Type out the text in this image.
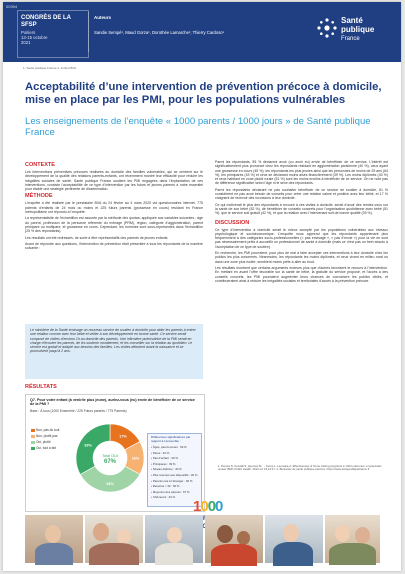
00394
CONGRÈS DE LA SFSP
Poitiers
13-15 octobre
2021
Auteurs
Sandie Sempé¹, Maud Gorza¹, Dorothée Lamarche², Thierry Cardoso¹
Santé
publique
France
1. Santé publique France 2. Institut BVA
Acceptabilité d’une intervention de prévention précoce à domicile, mise en place par les PMI, pour les populations vulnérables
Les enseignements de l’enquête « 1000 parents / 1000 jours » de Santé publique France
CONTEXTE

Les interventions préventives précoces réalisées au domicile des familles vulnérables, qui se centrent sur le développement de la qualité des relations parents-enfants, ont récemment montré leur efficacité pour réduire les inégalités sociales de santé. Santé publique France soutient les PMI engagées dans l’implantation de ces interventions, consiste l’acceptabilité de ce type d’intervention par les futurs et jeunes parents à notre essentiel pour établir une stratégie pertinente de dissémination.

MÉTHODE

L’enquête a été réalisée par le prestataire BVA du 24 février au 4 mars 2020 via questionnaires internet. 775 parents d’enfants de 24 mois ou moins et 225 futurs parents (grossesse en cours) résidant en France métropolitaine ont répondu à l’enquête.

La représentativité de l’échantillon est assurée par la méthode des quotas, appliquée aux variables suivantes : âge du parent, profession de la personne référente du ménage (PRM), région, catégorie d’agglomération, parent primipare ou multipare, et grossesse en cours. Cependant, les hommes sont sous-représentés dans l’échantillon (25 % des répondants).

Les résultats ont été redressés, de sorte à être représentatifs des parents de jeunes enfants.

Avant de répondre aux questions, l’intervention de prévention était présentée à tous les répondants de la manière suivante :

Le ministère de la Santé envisage un nouveau service de soutien à domicile pour aider les parents à entrer une relation comme avec leur bébé et veiller à son développement en bonne santé. Ce service serait composé de visites d’environ 1h au domicile des parents. Une infirmière puéricultrice de la PMI serait en charge d’écouter les parents, de les soutenir moralement, et les conseiller sur la relation au quotidien. Le service est gratuit et adapté aux besoins des familles. Les visites débutent avant la naissance et se poursuivent jusqu’à 2 ans.
RÉSULTATS
Q7. Pour votre enfant (à venir/le plus jeune), auriez-vous (eu) envie de bénéficier de ce service de la PMI ?
Base : À tous (1000 Ensemble / 225 Futurs parents / 775 Parents)
Non, pas du tout
Non, plutôt pas
Oui, plutôt
Oui, tout à fait
17%
16%
34%
33%
Total OUI
67%
Différences significatives par rapport à l’ensemble :
• Âgés, pas-hommes : 69 %
• Pères : 42 %
• Pas d’enfant : 40 %
• Primipares : 39 %
• Niveau diplôme : 40 %
• Plus revenus aux dispositifs : 40 %
• Parents nés à l’étranger : 40 %
• Revenus < 2k : 50 %
• Moyenne des parents : 67 %
• Chômeurs : 44 %

Parmi les répondants, 55 % déclarent avoir (ou avoir eu) envie de bénéficier de ce service. L’intérêt est significativement plus prononcé chez les répondants résidant en agglomération parisienne (40 %), ceux ayant une grossesse en cours (45 %), les répondants les plus jeunes ainsi que les personnes de moins de 25 ans (64 %), les primipares (43 %) et ceux se déclarant moins aisés financièrement (39 %). Les moins diplômés (43 %) et ceux habitant en zone plutôt rurale (51 %) sont les moins enclins à bénéficier de ce service. On ne note pas de différence significative selon l’âge ni le sexe des répondants.

Parmi les répondants déclarant ne pas souhaiter bénéficier de ce service de soutien à domicile, 61 % considèrent ne pas avoir besoin de conseils pour créer une relation calme et positive avec leur bébé, et 17 % craignent de recevoir des incursions à leur domicile.

Ce qui motiverait le plus des répondants à recourir à ces visites à domicile, serait d’avoir des rendez-vous sur la santé de son bébé (52 %), de bénéficier de conseils concrets pour l’organisation quotidienne avec bébé (51 %), que le service soit gratuit (42 %), et que la relation avec l’intervenant soit de bonne qualité (39 %).

DISCUSSION

Ce type d’intervention à domicile serait le mieux accepté par les populations vulnérables aux niveaux psychologique et socioéconomique. L’enquête nous apprend que les répondants appartenant plus fréquemment à des catégories socio-professionnelles (< pas envisagé », « pas d’envie ») pour la vie ne sont pas nécessairement prêts à accueillir un professionnel de santé à domicile (mais ce n’est pas un frein absolu à l’acceptation de ce type de soutien).

En recherche, les PMI pourraient, pour plus de mal à faire accepter ces interventions à leur domicile chez les publics les plus concernés. Néanmoins, les répondants les moins diplômés, et ceux vivant en milieu rural ou dans une zone plus isolée, semblent moins prêts à aller au bout.

Les résultats montrent que certains arguments moteurs plus que d’autres favorisent le recours à l’intervention. En mettant en avant l’offre favorable sur la santé de bébé, la gratuité du service proposé, et l’accès à des conseils concrets, les PMI pourraient augmenter leurs chances de convaincre les publics ciblés, et contribueraient ainsi à réduire les inégalités sociales et territoriales d’accès à la prévention précoce.

1. Pecora N, Kendall S, Heyman M, ... Kemp L, Leenstra-vi. Effectiveness of home visiting programs in child outcomes: a systematic review. BMC Public Health. 2013 oct 15;13:17. 2. Bonnetier de santé publique précoce. https://www.santepubliquefrance.fr
1000
